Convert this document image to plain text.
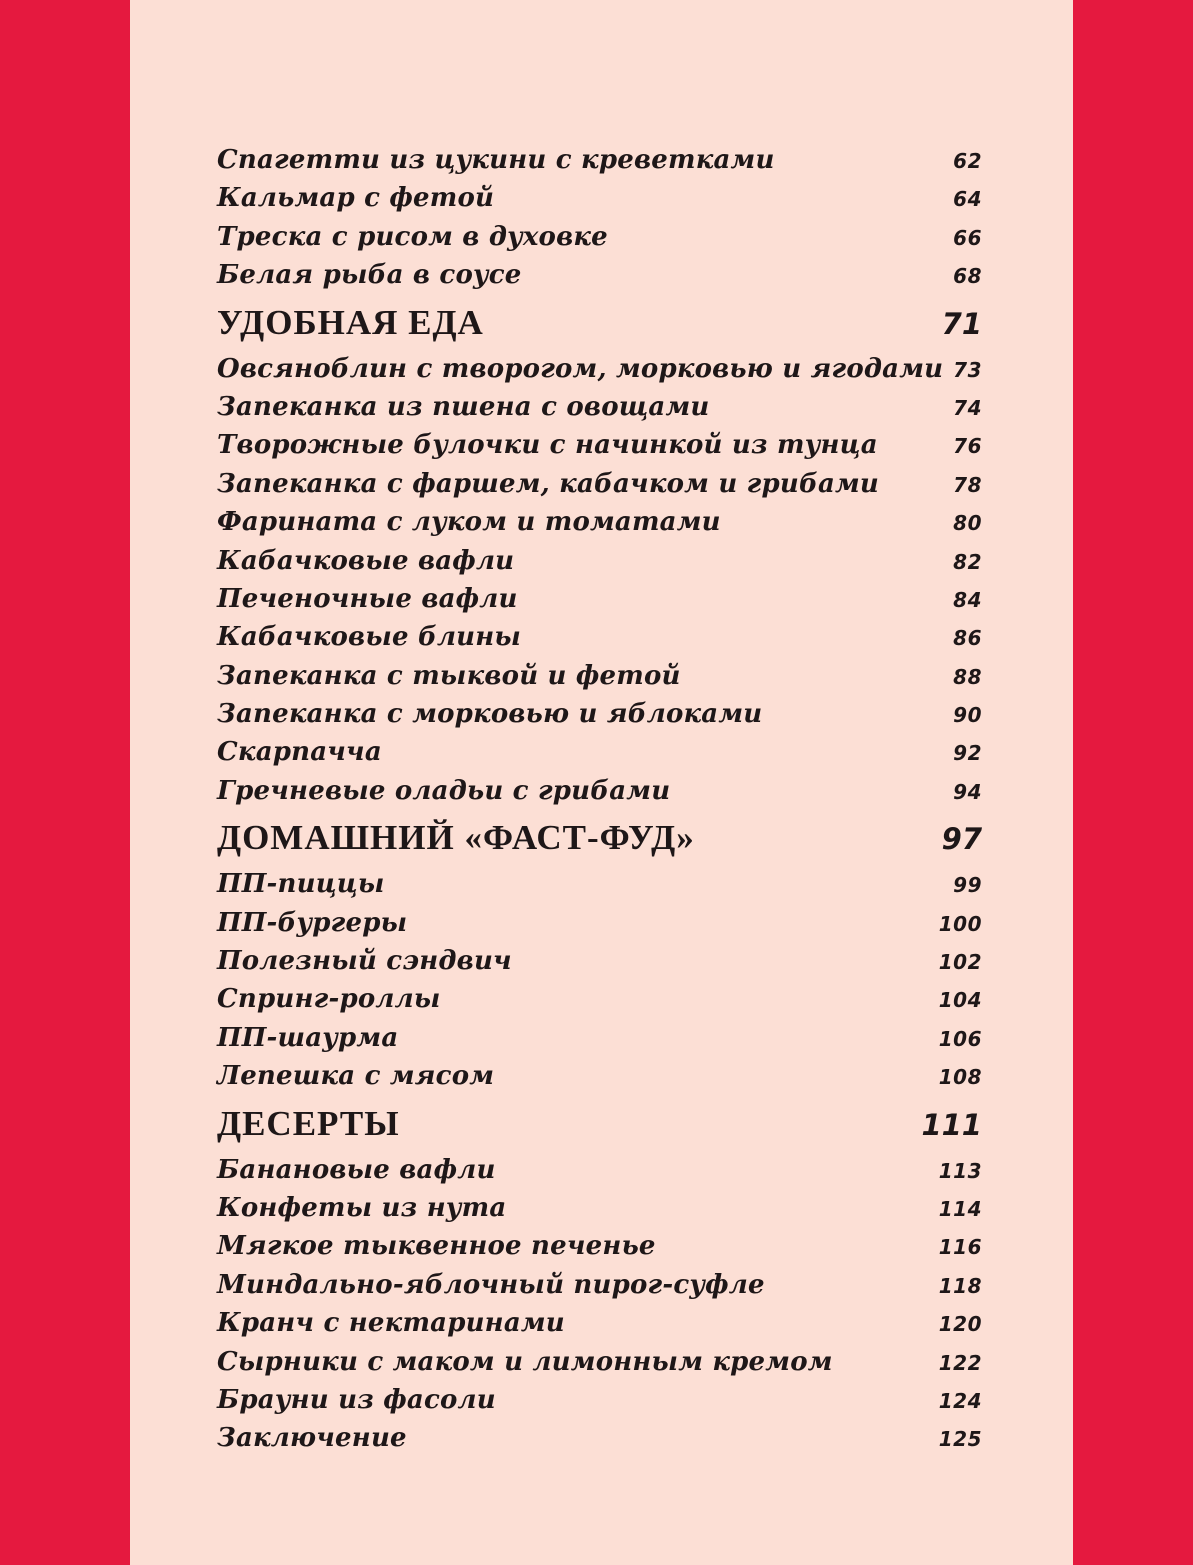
Спагетти из цукини с креветками	62
Кальмар с фетой	64
Треска с рисом в духовке	66
Белая рыба в соусе	68
УДОБНАЯ ЕДА	71
Овсяноблин с творогом, морковью и ягодами 73
Запеканка из пшена с овощами	74
Творожные булочки с начинкой из тунца	76
Запеканка с фаршем, кабачком и грибами	78
Фарината с луком и томатами	80
Кабачковые вафли	82
Печеночные вафли	84
Кабачковые блины	86
Запеканка с тыквой и фетой	88
Запеканка с морковью и яблоками	90
Скарпачча	92
Гречневые оладьи с грибами	94
ДОМАШНИЙ «ФАСТ-ФУД»	97
ПП-пиццы	99
ПП-бургеры	100
Полезный сэндвич	102
Спринг-роллы	104
ПП-шаурма	106
Лепешка с мясом	108
ДЕСЕРТЫ	111
Банановые вафли	113
Конфеты из нута	114
Мягкое тыквенное печенье	116
Миндально-яблочный пирог-суфле	118
Кранч с нектаринами	120
Сырники с маком и лимонным кремом	122
Брауни из фасоли	124
Заключение	125
